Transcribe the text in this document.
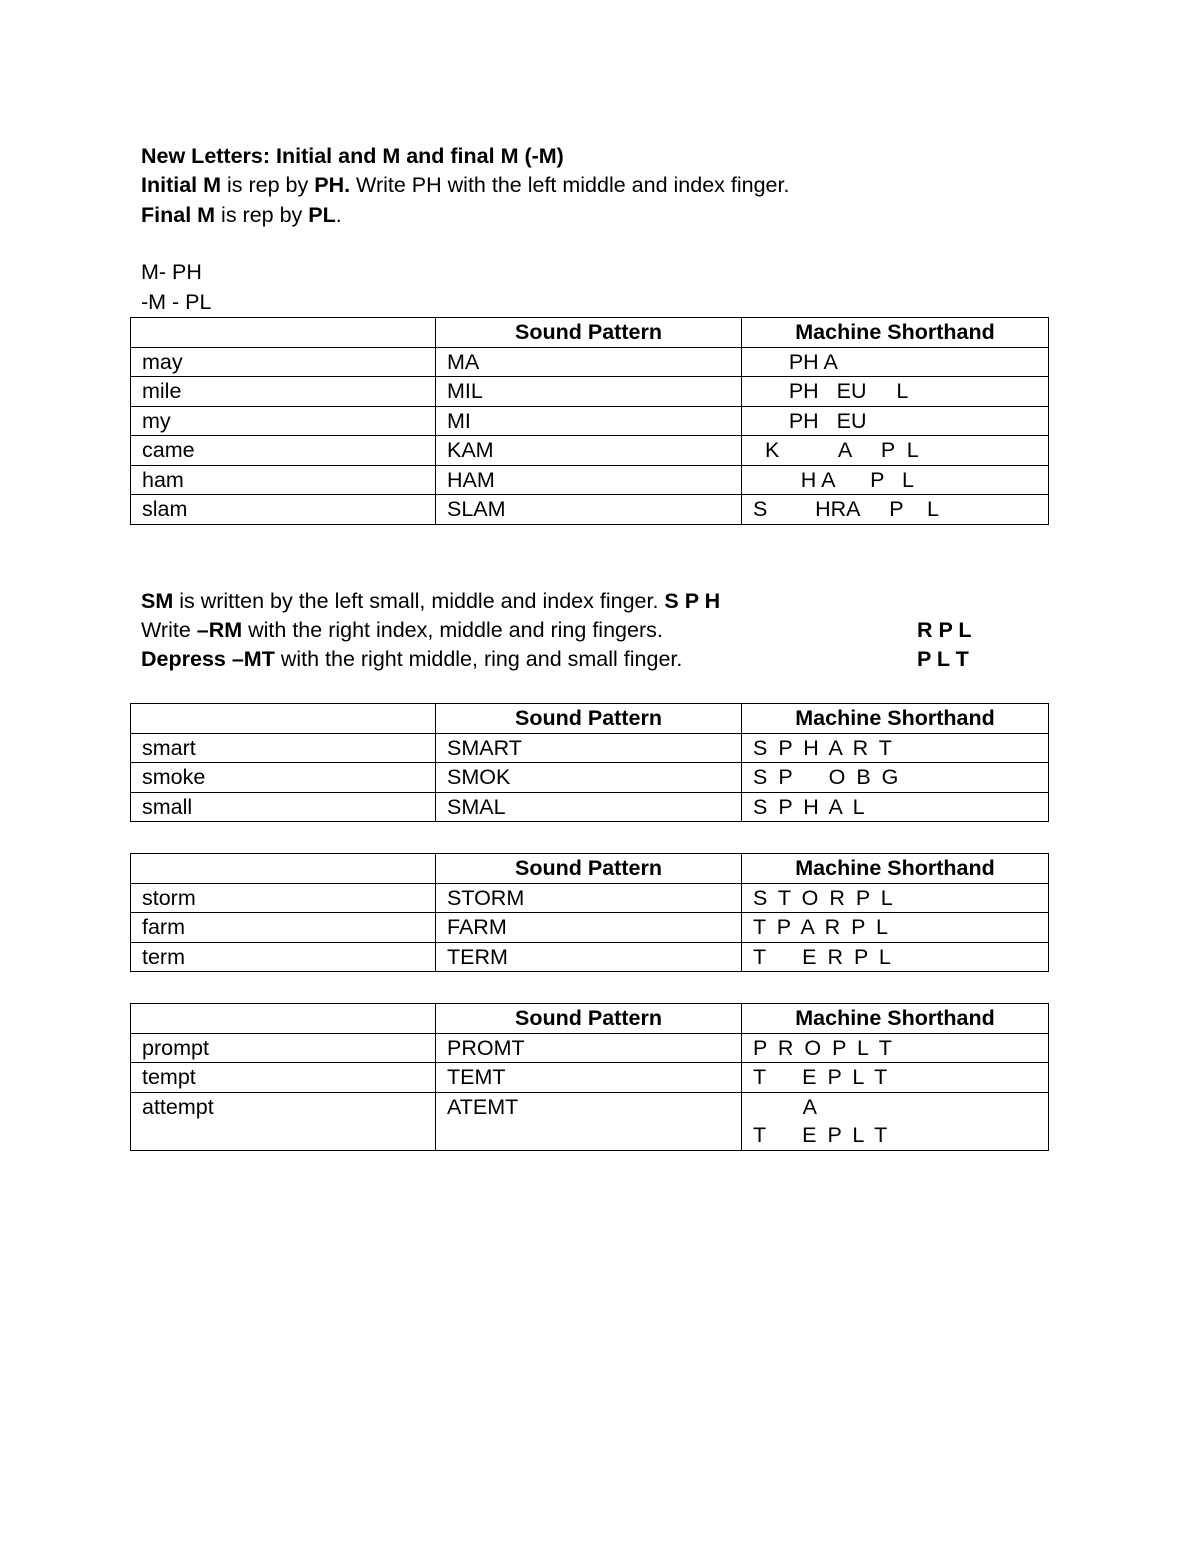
New Letters: Initial and M and final M (-M)
Initial M is rep by PH. Write PH with the left middle and index finger.
Final M is rep by PL.
M- PH
-M - PL
	Sound Pattern	Machine Shorthand
may	MA	PH A
mile	MIL	PH   EU     L
my	MI	PH   EU
came	KAM	K          A     P  L
ham	HAM	H A      P   L
slam	SLAM	S        HRA     P    L
SM is written by the left small, middle and index finger. S P H
Write –RM with the right index, middle and ring fingers.	R P L
Depress –MT with the right middle, ring and small finger.	P L T
	Sound Pattern	Machine Shorthand
smart	SMART	S P H A R T
smoke	SMOK	S P    O B G
small	SMAL	S P H A L
	Sound Pattern	Machine Shorthand
storm	STORM	S T O R P L
farm	FARM	T P A R P L
term	TERM	T    E R P L
	Sound Pattern	Machine Shorthand
prompt	PROMT	P R O P L T
tempt	TEMT	T    E P L T
attempt	ATEMT	A
T    E P L T
